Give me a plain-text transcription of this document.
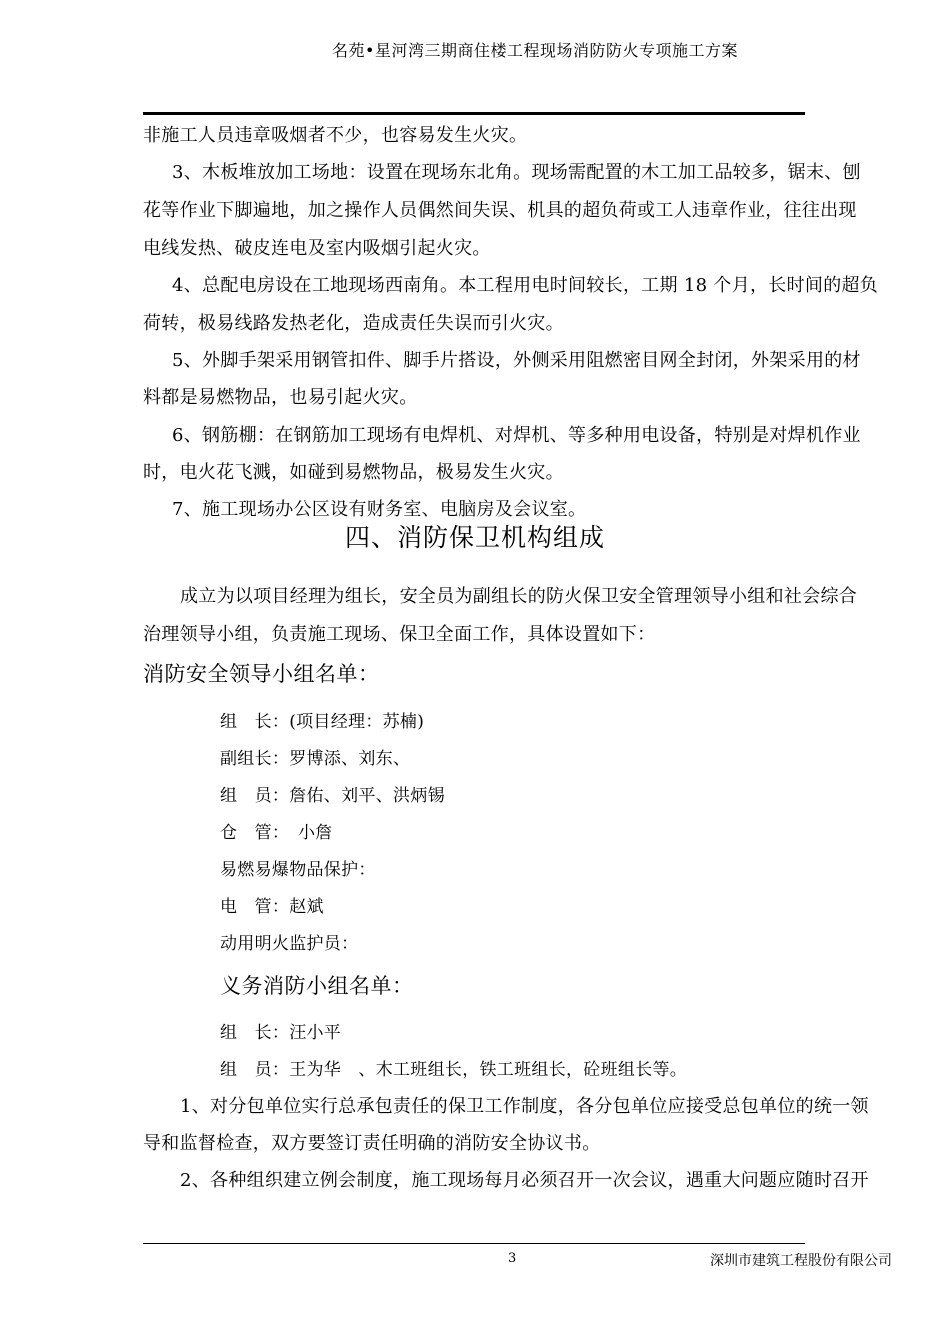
名苑•星河湾三期商住楼工程现场消防防火专项施工方案
非施工人员违章吸烟者不少，也容易发生火灾。
3、木板堆放加工场地：设置在现场东北角。现场需配置的木工加工品较多，锯末、刨
花等作业下脚遍地，加之操作人员偶然间失误、机具的超负荷或工人违章作业，往往出现
电线发热、破皮连电及室内吸烟引起火灾。
4、总配电房设在工地现场西南角。本工程用电时间较长，工期 18 个月，长时间的超负
荷转，极易线路发热老化，造成责任失误而引火灾。
5、外脚手架采用钢管扣件、脚手片搭设，外侧采用阻燃密目网全封闭，外架采用的材
料都是易燃物品，也易引起火灾。
6、钢筋棚：在钢筋加工现场有电焊机、对焊机、等多种用电设备，特别是对焊机作业
时，电火花飞溅，如碰到易燃物品，极易发生火灾。
7、施工现场办公区设有财务室、电脑房及会议室。
四、消防保卫机构组成
成立为以项目经理为组长，安全员为副组长的防火保卫安全管理领导小组和社会综合
治理领导小组，负责施工现场、保卫全面工作，具体设置如下：
消防安全领导小组名单：
组　长：(项目经理：苏楠)
副组长：罗博添、刘东、
组　员：詹佑、刘平、洪炳锡
仓　管：　小詹
易燃易爆物品保护：
电　管：赵斌
动用明火监护员：
义务消防小组名单：
组　长：汪小平
组　员：王为华　、木工班组长，铁工班组长，砼班组长等。
1、对分包单位实行总承包责任的保卫工作制度，各分包单位应接受总包单位的统一领
导和监督检查，双方要签订责任明确的消防安全协议书。
2、各种组织建立例会制度，施工现场每月必须召开一次会议，遇重大问题应随时召开
3	深圳市建筑工程股份有限公司
